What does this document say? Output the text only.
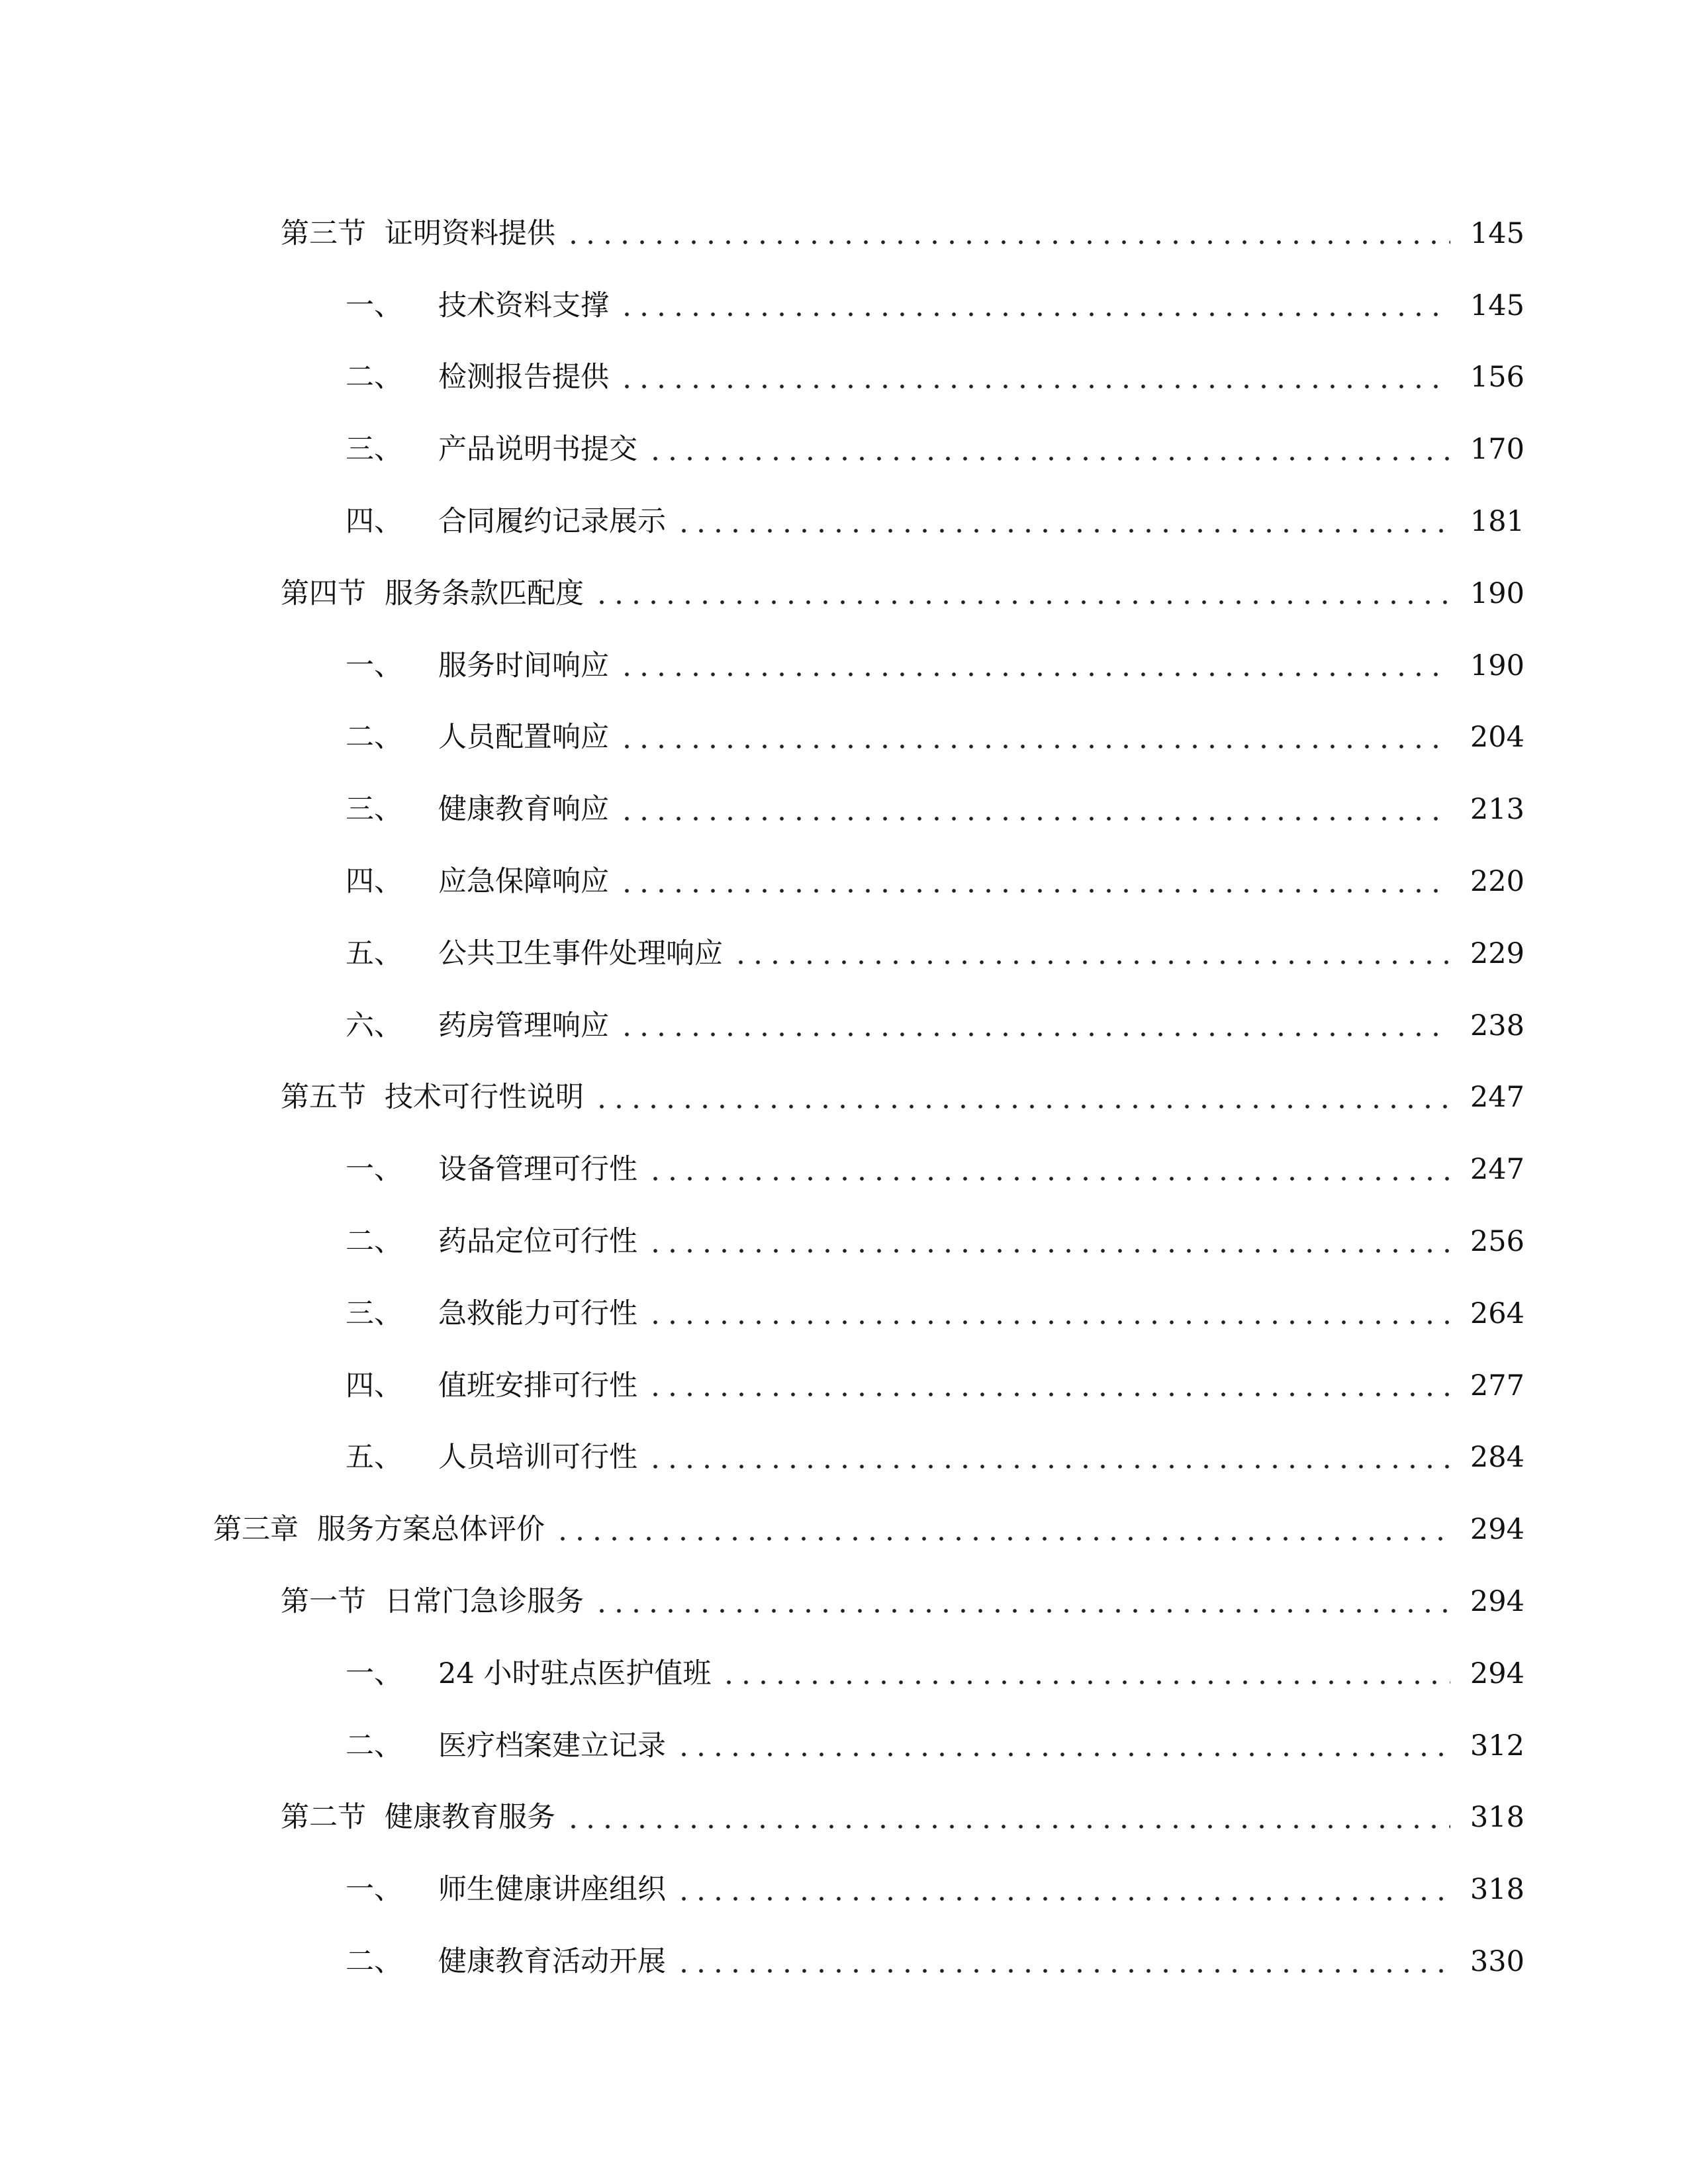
第三节 证明资料提供	145
一、 技术资料支撑	145
二、 检测报告提供	156
三、 产品说明书提交	170
四、 合同履约记录展示	181
第四节 服务条款匹配度	190
一、 服务时间响应	190
二、 人员配置响应	204
三、 健康教育响应	213
四、 应急保障响应	220
五、 公共卫生事件处理响应	229
六、 药房管理响应	238
第五节 技术可行性说明	247
一、 设备管理可行性	247
二、 药品定位可行性	256
三、 急救能力可行性	264
四、 值班安排可行性	277
五、 人员培训可行性	284
第三章 服务方案总体评价	294
第一节 日常门急诊服务	294
一、 24 小时驻点医护值班	294
二、 医疗档案建立记录	312
第二节 健康教育服务	318
一、 师生健康讲座组织	318
二、 健康教育活动开展	330
